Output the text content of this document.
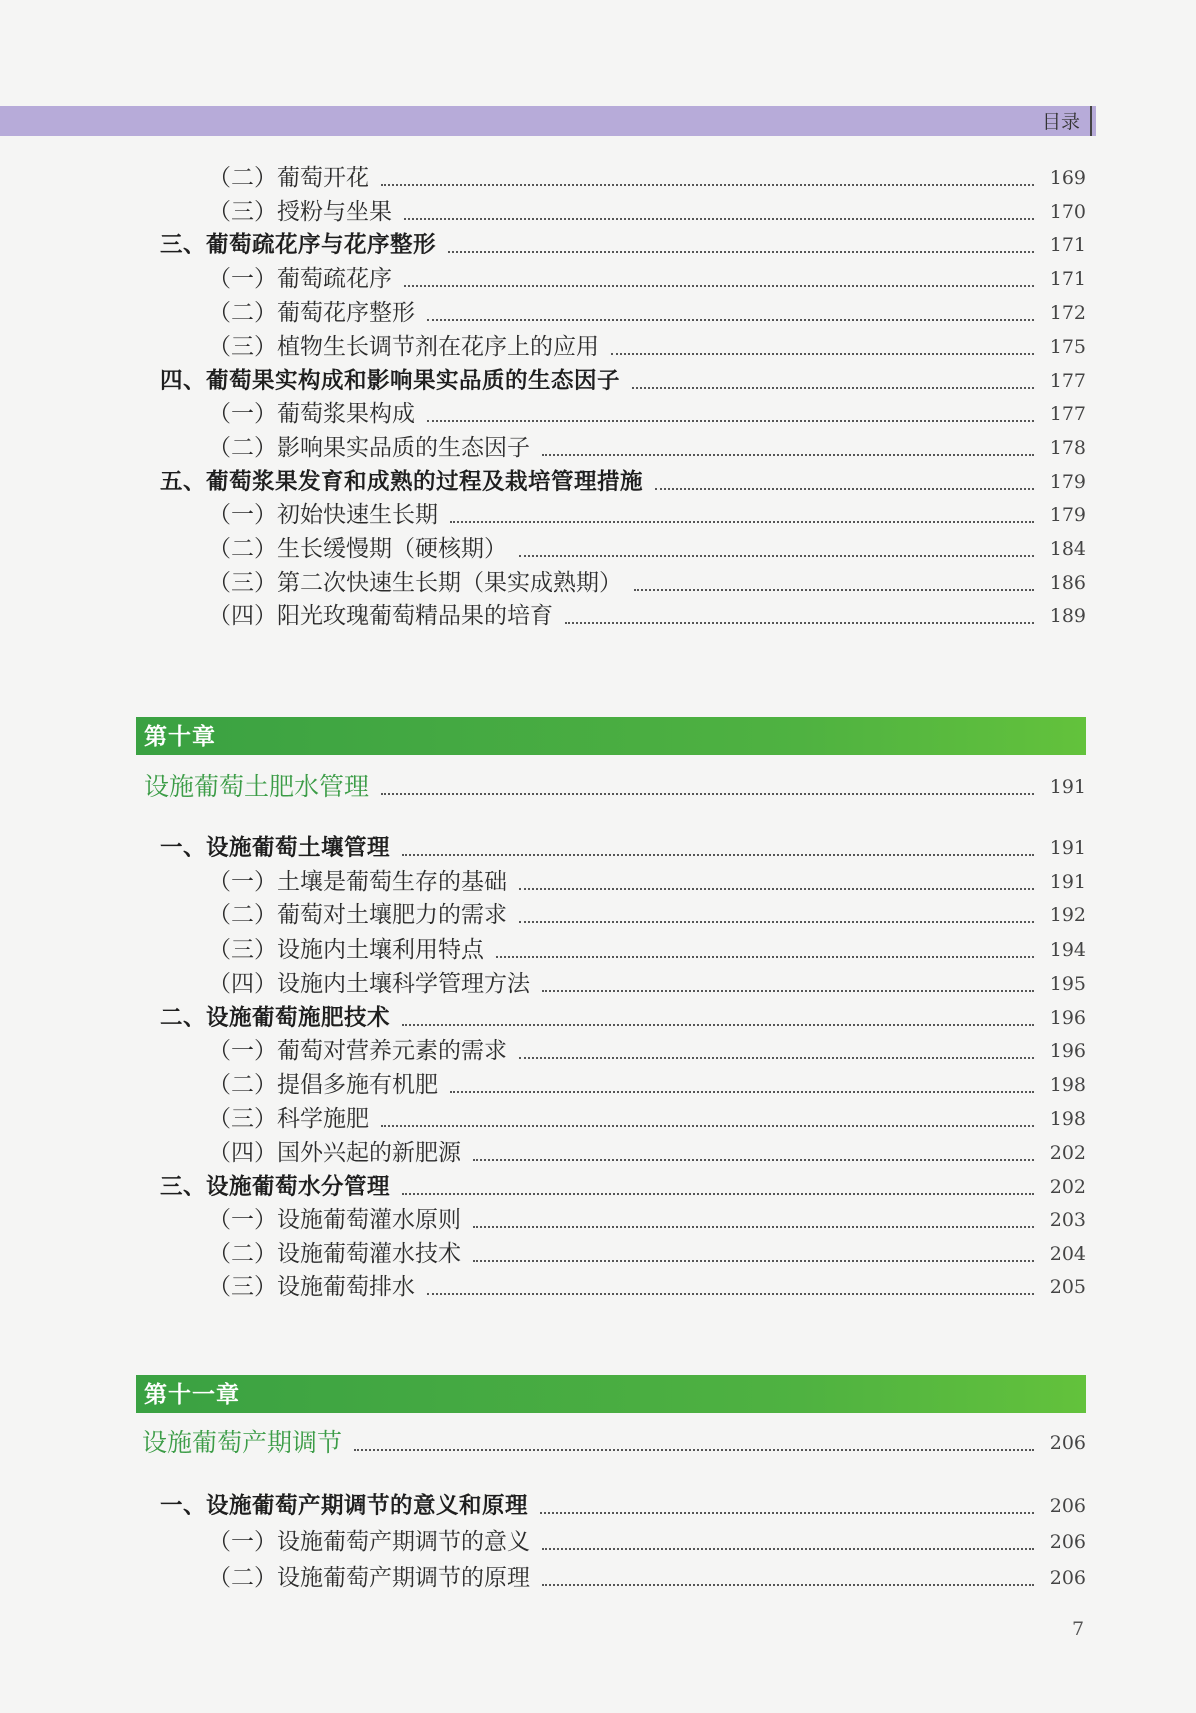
目录
（二）葡萄开花	169
（三）授粉与坐果	170
三、葡萄疏花序与花序整形	171
（一）葡萄疏花序	171
（二）葡萄花序整形	172
（三）植物生长调节剂在花序上的应用	175
四、葡萄果实构成和影响果实品质的生态因子	177
（一）葡萄浆果构成	177
（二）影响果实品质的生态因子	178
五、葡萄浆果发育和成熟的过程及栽培管理措施	179
（一）初始快速生长期	179
（二）生长缓慢期（硬核期）	184
（三）第二次快速生长期（果实成熟期）	186
（四）阳光玫瑰葡萄精品果的培育	189
第十章
设施葡萄土肥水管理	191
一、设施葡萄土壤管理	191
（一）土壤是葡萄生存的基础	191
（二）葡萄对土壤肥力的需求	192
（三）设施内土壤利用特点	194
（四）设施内土壤科学管理方法	195
二、设施葡萄施肥技术	196
（一）葡萄对营养元素的需求	196
（二）提倡多施有机肥	198
（三）科学施肥	198
（四）国外兴起的新肥源	202
三、设施葡萄水分管理	202
（一）设施葡萄灌水原则	203
（二）设施葡萄灌水技术	204
（三）设施葡萄排水	205
第十一章
设施葡萄产期调节	206
一、设施葡萄产期调节的意义和原理	206
（一）设施葡萄产期调节的意义	206
（二）设施葡萄产期调节的原理	206
7
